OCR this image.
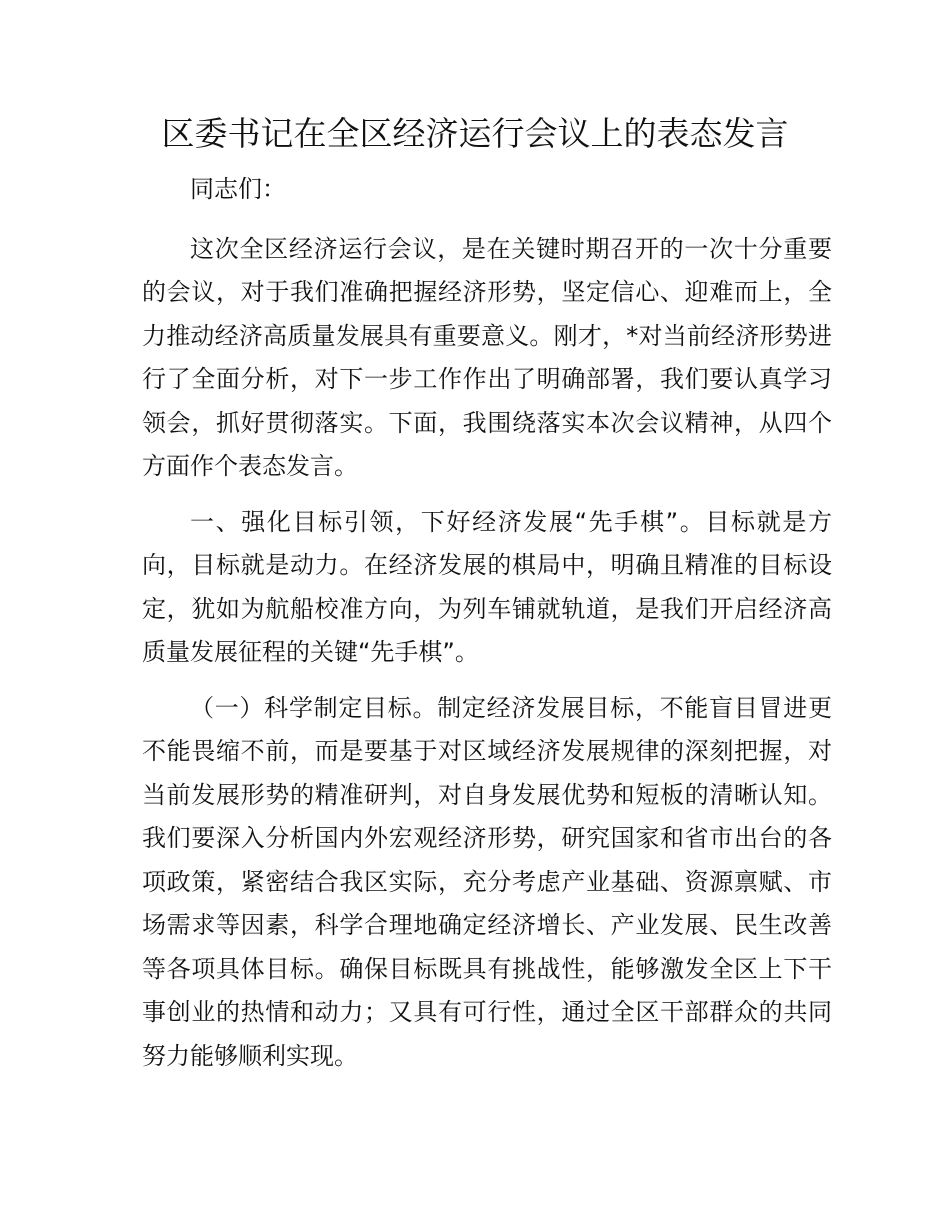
区委书记在全区经济运行会议上的表态发言

同志们：

这次全区经济运行会议，是在关键时期召开的一次十分重要的会议，对于我们准确把握经济形势，坚定信心、迎难而上，全力推动经济高质量发展具有重要意义。刚才，*对当前经济形势进行了全面分析，对下一步工作作出了明确部署，我们要认真学习领会，抓好贯彻落实。下面，我围绕落实本次会议精神，从四个方面作个表态发言。

一、强化目标引领，下好经济发展“先手棋”。目标就是方向，目标就是动力。在经济发展的棋局中，明确且精准的目标设定，犹如为航船校准方向，为列车铺就轨道，是我们开启经济高质量发展征程的关键“先手棋”。

（一）科学制定目标。制定经济发展目标，不能盲目冒进更不能畏缩不前，而是要基于对区域经济发展规律的深刻把握，对当前发展形势的精准研判，对自身发展优势和短板的清晰认知。我们要深入分析国内外宏观经济形势，研究国家和省市出台的各项政策，紧密结合我区实际，充分考虑产业基础、资源禀赋、市场需求等因素，科学合理地确定经济增长、产业发展、民生改善等各项具体目标。确保目标既具有挑战性，能够激发全区上下干事创业的热情和动力；又具有可行性，通过全区干部群众的共同努力能够顺利实现。
